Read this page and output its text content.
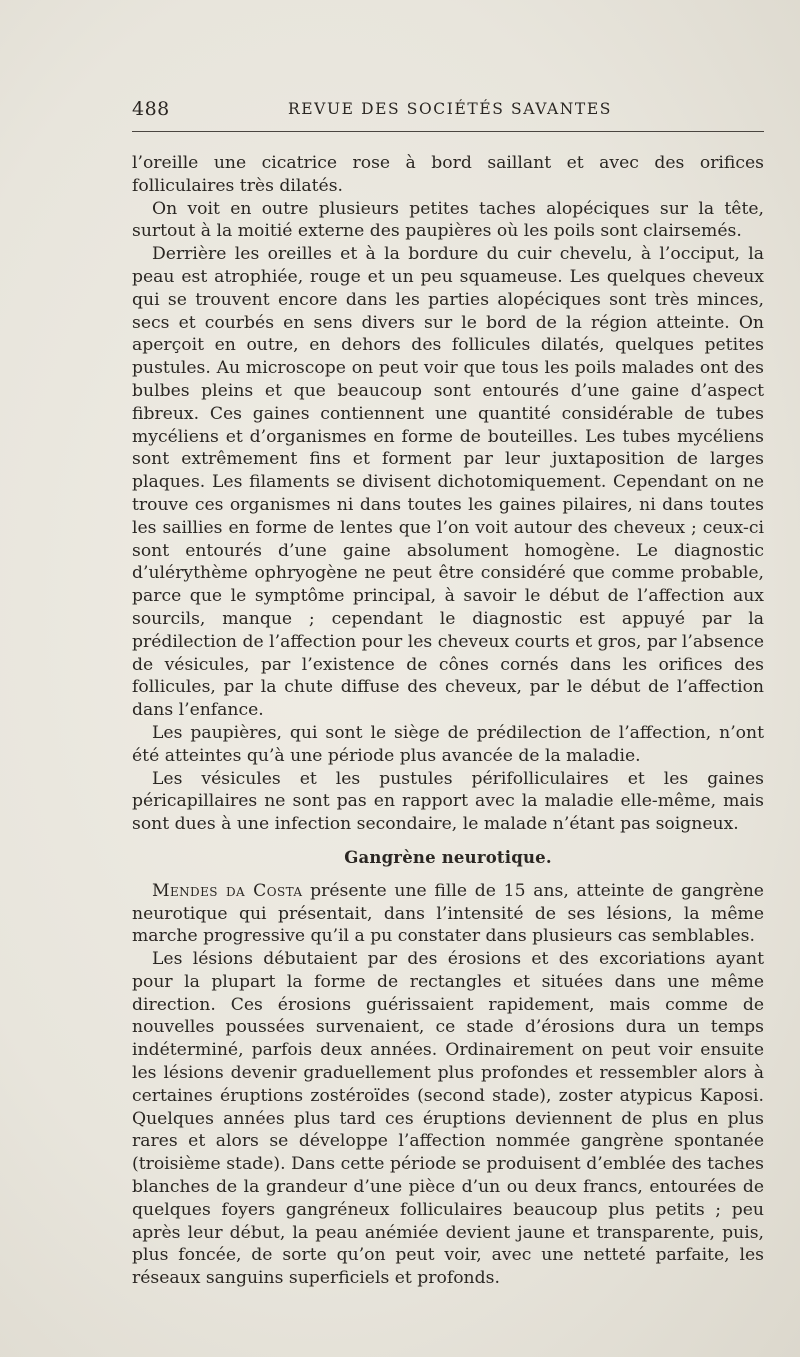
488	REVUE DES SOCIÉTÉS SAVANTES

l’oreille une cicatrice rose à bord saillant et avec des orifices folliculaires très dilatés.

On voit en outre plusieurs petites taches alopéciques sur la tête, surtout à la moitié externe des paupières où les poils sont clairsemés.

Derrière les oreilles et à la bordure du cuir chevelu, à l’occiput, la peau est atrophiée, rouge et un peu squameuse. Les quelques cheveux qui se trouvent encore dans les parties alopéciques sont très minces, secs et courbés en sens divers sur le bord de la région atteinte. On aperçoit en outre, en dehors des follicules dilatés, quelques petites pustules. Au microscope on peut voir que tous les poils malades ont des bulbes pleins et que beaucoup sont entourés d’une gaine d’aspect fibreux. Ces gaines contiennent une quantité considérable de tubes mycéliens et d’organismes en forme de bouteilles. Les tubes mycéliens sont extrêmement fins et forment par leur juxtaposition de larges plaques. Les filaments se divisent dichotomiquement. Cependant on ne trouve ces organismes ni dans toutes les gaines pilaires, ni dans toutes les saillies en forme de lentes que l’on voit autour des cheveux ; ceux-ci sont entourés d’une gaine absolument homogène. Le diagnostic d’ulérythème ophryogène ne peut être considéré que comme probable, parce que le symptôme principal, à savoir le début de l’affection aux sourcils, manque ; cependant le diagnostic est appuyé par la prédilection de l’affection pour les cheveux courts et gros, par l’absence de vésicules, par l’existence de cônes cornés dans les orifices des follicules, par la chute diffuse des cheveux, par le début de l’affection dans l’enfance.

Les paupières, qui sont le siège de prédilection de l’affection, n’ont été atteintes qu’à une période plus avancée de la maladie.

Les vésicules et les pustules périfolliculaires et les gaines péricapillaires ne sont pas en rapport avec la maladie elle-même, mais sont dues à une infection secondaire, le malade n’étant pas soigneux.

Gangrène neurotique.

Mendes da Costa présente une fille de 15 ans, atteinte de gangrène neurotique qui présentait, dans l’intensité de ses lésions, la même marche progressive qu’il a pu constater dans plusieurs cas semblables.

Les lésions débutaient par des érosions et des excoriations ayant pour la plupart la forme de rectangles et situées dans une même direction. Ces érosions guérissaient rapidement, mais comme de nouvelles poussées survenaient, ce stade d’érosions dura un temps indéterminé, parfois deux années. Ordinairement on peut voir ensuite les lésions devenir graduellement plus profondes et ressembler alors à certaines éruptions zostéroïdes (second stade), zoster atypicus Kaposi. Quelques années plus tard ces éruptions deviennent de plus en plus rares et alors se développe l’affection nommée gangrène spontanée (troisième stade). Dans cette période se produisent d’emblée des taches blanches de la grandeur d’une pièce d’un ou deux francs, entourées de quelques foyers gangréneux folliculaires beaucoup plus petits ; peu après leur début, la peau anémiée devient jaune et transparente, puis, plus foncée, de sorte qu’on peut voir, avec une netteté parfaite, les réseaux sanguins superficiels et profonds.
